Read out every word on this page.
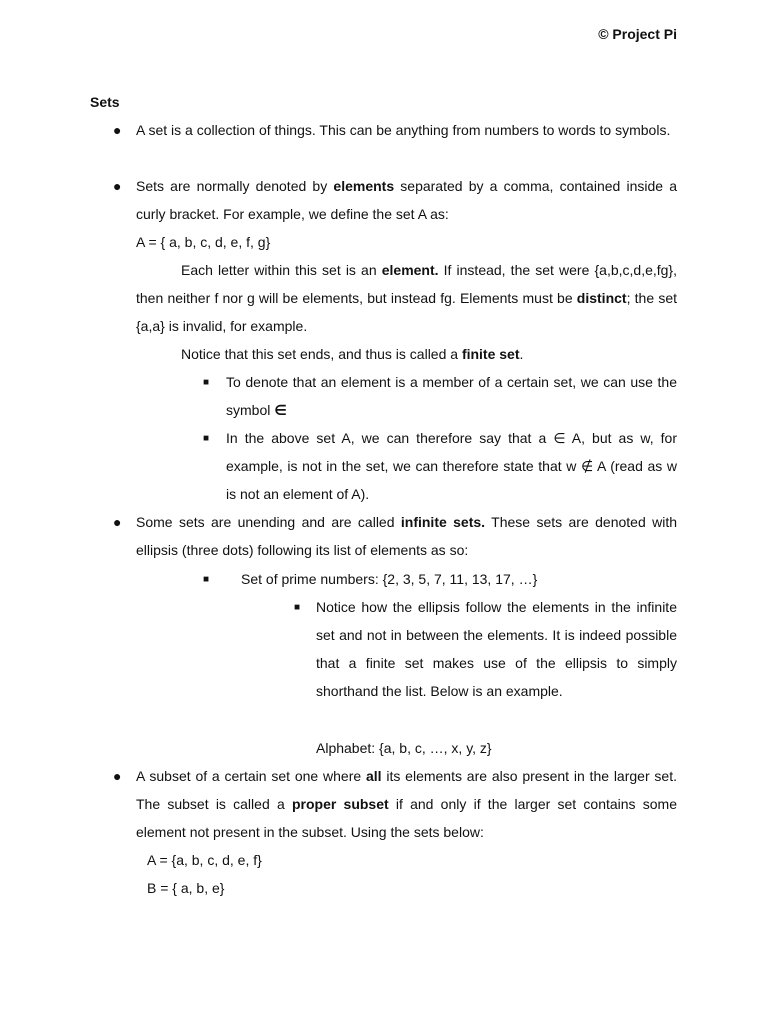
© Project Pi
Sets
● A set is a collection of things. This can be anything from numbers to words to symbols.
● Sets are normally denoted by elements separated by a comma, contained inside a curly bracket. For example, we define the set A as:
A = { a, b, c, d, e, f, g}
Each letter within this set is an element. If instead, the set were {a,b,c,d,e,fg}, then neither f nor g will be elements, but instead fg. Elements must be distinct; the set {a,a} is invalid, for example.
Notice that this set ends, and thus is called a finite set.
■ To denote that an element is a member of a certain set, we can use the symbol ∈
■ In the above set A, we can therefore say that a ∈ A, but as w, for example, is not in the set, we can therefore state that w ∉ A (read as w is not an element of A).
● Some sets are unending and are called infinite sets. These sets are denoted with ellipsis (three dots) following its list of elements as so:
■ Set of prime numbers: {2, 3, 5, 7, 11, 13, 17, …}
■ Notice how the ellipsis follow the elements in the infinite set and not in between the elements. It is indeed possible that a finite set makes use of the ellipsis to simply shorthand the list. Below is an example.
Alphabet: {a, b, c, …, x, y, z}
● A subset of a certain set one where all its elements are also present in the larger set. The subset is called a proper subset if and only if the larger set contains some element not present in the subset. Using the sets below:
A = {a, b, c, d, e, f}
B = { a, b, e}
